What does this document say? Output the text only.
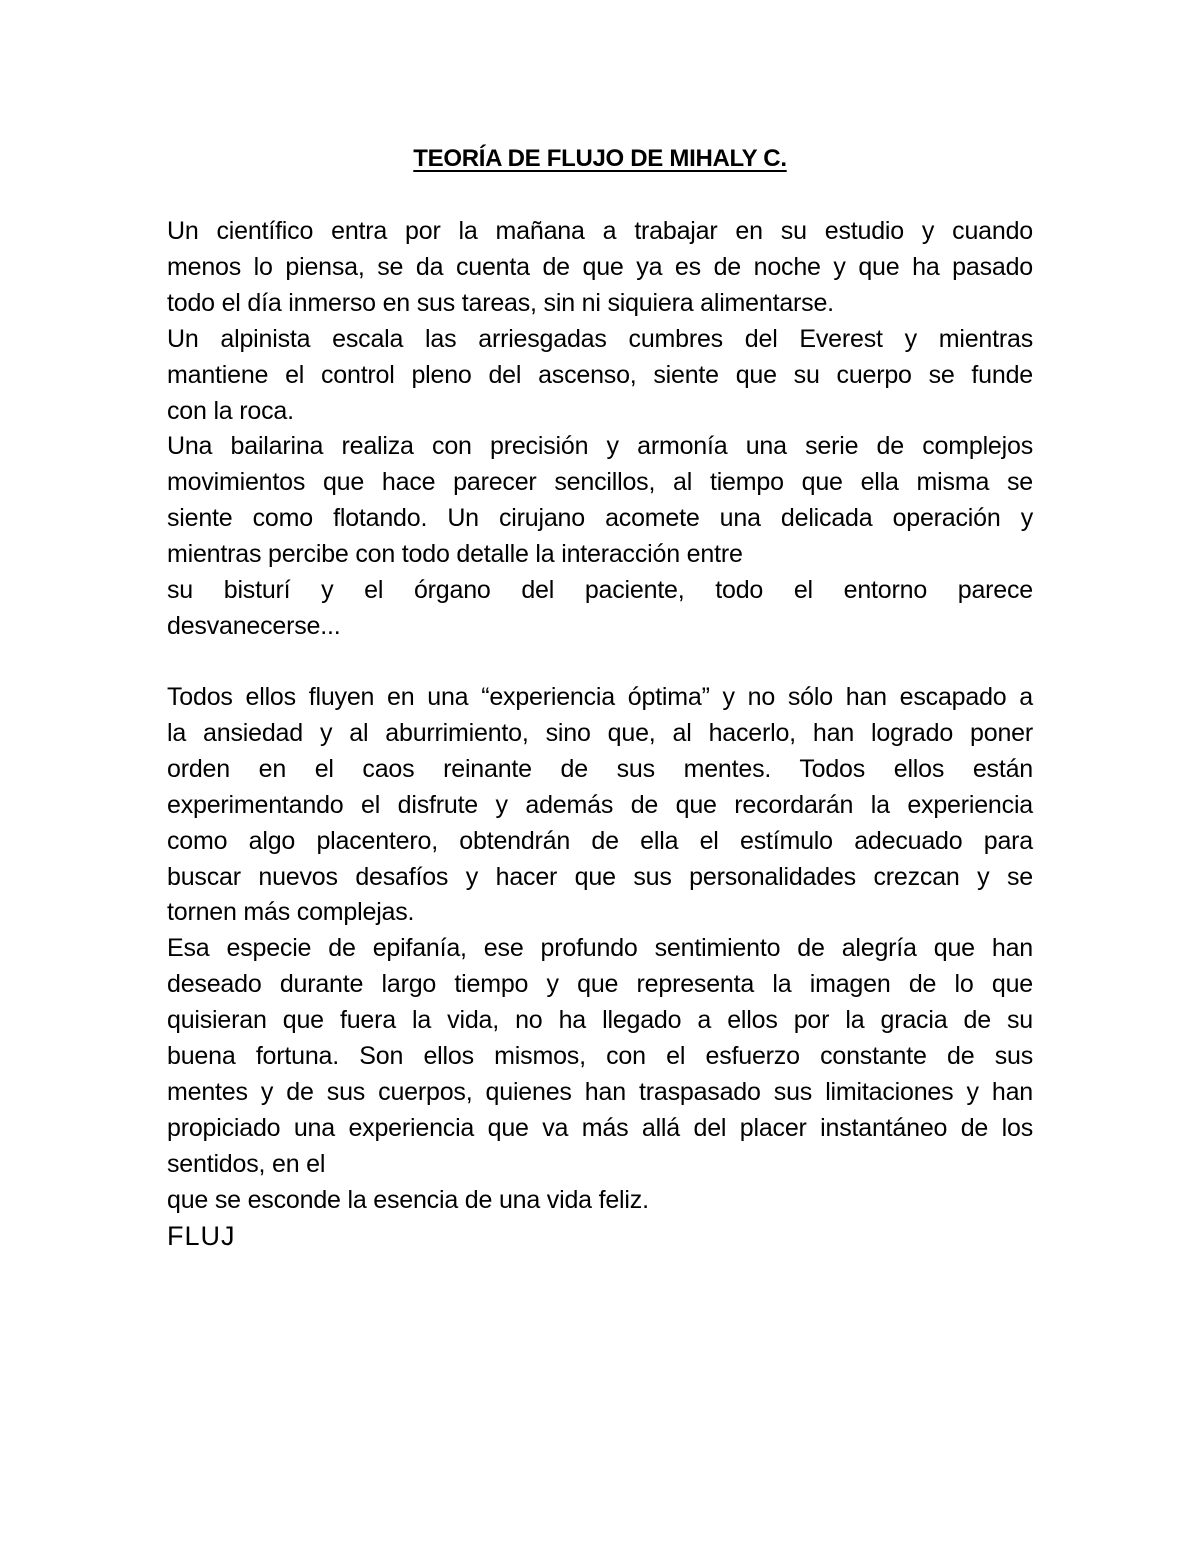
TEORÍA DE FLUJO DE MIHALY C.
Un científico entra por la mañana a trabajar en su estudio y cuando
menos lo piensa, se da cuenta de que ya es de noche y que ha pasado
todo el día inmerso en sus tareas, sin ni siquiera alimentarse.
Un alpinista escala las arriesgadas cumbres del Everest y mientras
mantiene el control pleno del ascenso, siente que su cuerpo se funde
con la roca.
Una bailarina realiza con precisión y armonía una serie de complejos
movimientos que hace parecer sencillos, al tiempo que ella misma se
siente como flotando. Un cirujano acomete una delicada operación y
mientras percibe con todo detalle la interacción entre
su bisturí y el órgano del paciente, todo el entorno parece
desvanecerse...
Todos ellos fluyen en una “experiencia óptima” y no sólo han escapado a
la ansiedad y al aburrimiento, sino que, al hacerlo, han logrado poner
orden en el caos reinante de sus mentes. Todos ellos están
experimentando el disfrute y además de que recordarán la experiencia
como algo placentero, obtendrán de ella el estímulo adecuado para
buscar nuevos desafíos y hacer que sus personalidades crezcan y se
tornen más complejas.
Esa especie de epifanía, ese profundo sentimiento de alegría que han
deseado durante largo tiempo y que representa la imagen de lo que
quisieran que fuera la vida, no ha llegado a ellos por la gracia de su
buena fortuna. Son ellos mismos, con el esfuerzo constante de sus
mentes y de sus cuerpos, quienes han traspasado sus limitaciones y han
propiciado una experiencia que va más allá del placer instantáneo de los
sentidos, en el
que se esconde la esencia de una vida feliz.
FLUJ
